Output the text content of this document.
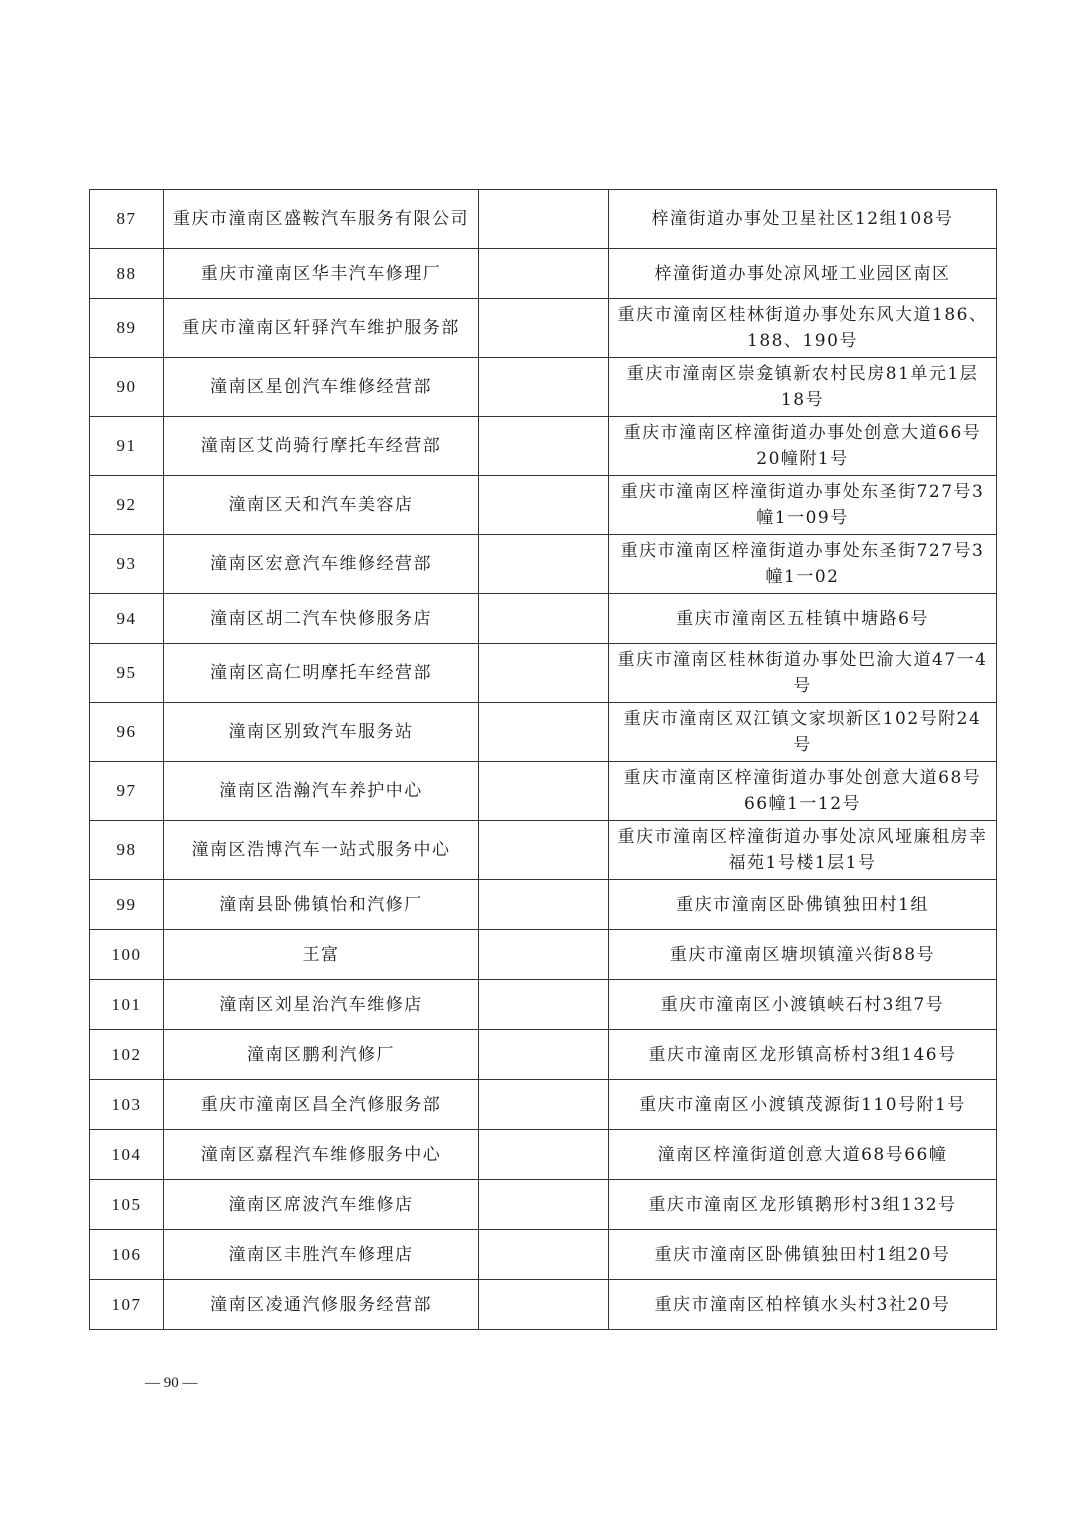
87	重庆市潼南区盛鞍汽车服务有限公司		梓潼街道办事处卫星社区12组108号
88	重庆市潼南区华丰汽车修理厂		梓潼街道办事处凉风垭工业园区南区
89	重庆市潼南区轩驿汽车维护服务部		重庆市潼南区桂林街道办事处东风大道186、188、190号
90	潼南区星创汽车维修经营部		重庆市潼南区崇龛镇新农村民房81单元1层18号
91	潼南区艾尚骑行摩托车经营部		重庆市潼南区梓潼街道办事处创意大道66号20幢附1号
92	潼南区天和汽车美容店		重庆市潼南区梓潼街道办事处东圣街727号3幢1一09号
93	潼南区宏意汽车维修经营部		重庆市潼南区梓潼街道办事处东圣街727号3幢1一02
94	潼南区胡二汽车快修服务店		重庆市潼南区五桂镇中塘路6号
95	潼南区高仁明摩托车经营部		重庆市潼南区桂林街道办事处巴渝大道47一4号
96	潼南区别致汽车服务站		重庆市潼南区双江镇文家坝新区102号附24号
97	潼南区浩瀚汽车养护中心		重庆市潼南区梓潼街道办事处创意大道68号66幢1一12号
98	潼南区浩博汽车一站式服务中心		重庆市潼南区梓潼街道办事处凉风垭廉租房幸福苑1号楼1层1号
99	潼南县卧佛镇怡和汽修厂		重庆市潼南区卧佛镇独田村1组
100	王富		重庆市潼南区塘坝镇潼兴街88号
101	潼南区刘星治汽车维修店		重庆市潼南区小渡镇峡石村3组7号
102	潼南区鹏利汽修厂		重庆市潼南区龙形镇高桥村3组146号
103	重庆市潼南区昌全汽修服务部		重庆市潼南区小渡镇茂源街110号附1号
104	潼南区嘉程汽车维修服务中心		潼南区梓潼街道创意大道68号66幢
105	潼南区席波汽车维修店		重庆市潼南区龙形镇鹅形村3组132号
106	潼南区丰胜汽车修理店		重庆市潼南区卧佛镇独田村1组20号
107	潼南区凌通汽修服务经营部		重庆市潼南区柏梓镇水头村3社20号
— 90 —
